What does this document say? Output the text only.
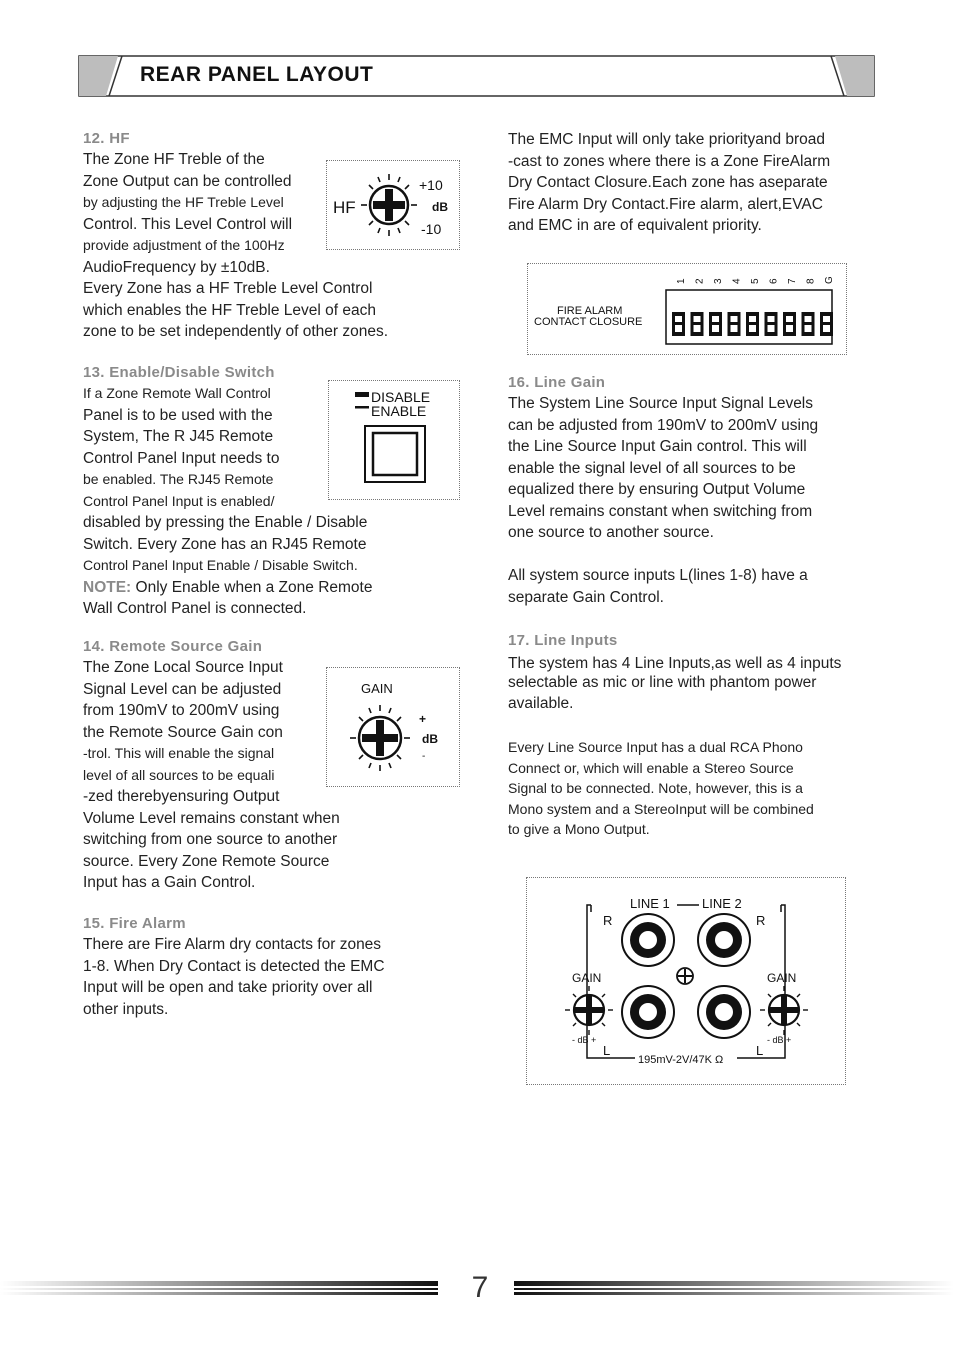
REAR PANEL LAYOUT
12. HF

The Zone HF Treble of the

Zone Output can be controlled

by adjusting the HF Treble Level

Control. This Level Control will

provide adjustment of the 100Hz

AudioFrequency by ±10dB.

Every Zone has a HF Treble Level Control

which enables the HF Treble Level of each

zone to be set independently of other zones.

HF
+10
dB
-10
13. Enable/Disable Switch

If a Zone Remote Wall Control

Panel is to be used with the

System, The R J45 Remote

Control Panel Input needs to

be enabled. The RJ45 Remote

Control Panel Input is enabled/

disabled by pressing the Enable / Disable

Switch. Every Zone has an RJ45 Remote

Control Panel Input Enable / Disable Switch.

NOTE: Only Enable when a Zone Remote

Wall Control Panel is connected.

DISABLE
ENABLE
14. Remote Source Gain

The Zone Local Source Input

Signal Level can be adjusted

from 190mV to 200mV using

the Remote Source Gain con

-trol. This will enable the signal

level of all sources to be equali

-zed therebyensuring Output

Volume Level remains constant when

switching from one source to another

source. Every Zone Remote Source

Input has a Gain Control.

GAIN
+
dB
-
15. Fire Alarm

There are Fire Alarm dry contacts for zones

1-8. When Dry Contact is detected the EMC

Input will be open and take priority over all

other inputs.

The EMC Input will only take priorityand broad

-cast to zones where there is a Zone FireAlarm

Dry Contact Closure.Each zone has aseparate

Fire Alarm Dry Contact.Fire alarm, alert,EVAC

and EMC in are of equivalent priority.

FIRE ALARM
CONTACT CLOSURE
1 2 3 4 5 6 7 8 G
16. Line Gain

The System Line Source Input Signal Levels

can be adjusted from 190mV to 200mV using

the Line Source Input Gain control. This will

enable the signal level of all sources to be

equalized there by ensuring Output Volume

Level remains constant when switching from

one source to another source.

All system source inputs L(lines 1-8) have a

separate Gain Control.

17. Line Inputs

The system has 4 Line Inputs,as well as 4 inputs

selectable as mic or line with phantom power

available.

Every Line Source Input has a dual RCA Phono

Connect or, which will enable a Stereo Source

Signal to be connected. Note, however, this is a

Mono system and a StereoInput will be combined

to give a Mono Output.

LINE 1 LINE 2
R	R
GAIN	GAIN
- dB +	- dB +
L	L
195mV-2V/47K Ω
7
